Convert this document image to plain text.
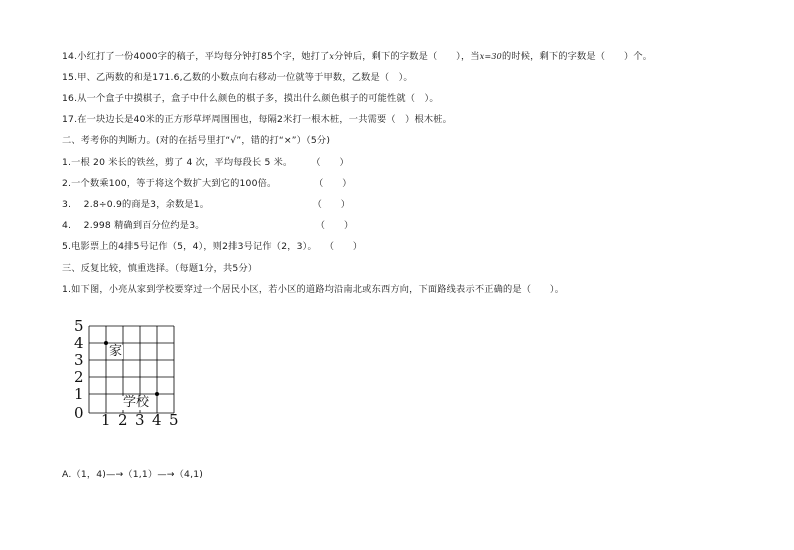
14.小红打了一份4000字的稿子，平均每分钟打85个字，她打了x分钟后，剩下的字数是（　　），当x=30的时候，剩下的字数是（　　）个。
15.甲、乙两数的和是171.6,乙数的小数点向右移动一位就等于甲数，乙数是（　）。
16.从一个盒子中摸棋子，盒子中什么颜色的棋子多，摸出什么颜色棋子的可能性就（　）。
17.在一块边长是40米的正方形草坪周围围也，每隔2米打一根木桩，一共需要（　）根木桩。
二、考考你的判断力。(对的在括号里打“√”，错的打“×”）（5分)
1.一根 20 米长的铁丝，剪了 4 次，平均每段长 5 米。　　　（　　）
2.一个数乘100，等于将这个数扩大到它的100倍。　　　　　（　　）
3.　 2.8÷0.9的商是3，余数是1。　　　　　　　　　　　　（　　）
4.　 2.998 精确到百分位约是3。　　　　　　　　　　　　 （　　）
5.电影票上的4排5号记作（5，4），则2排3号记作（2，3）。　 （　　）
三、反复比较，慎重选择。（每题1分，共5分）
1.如下图，小亮从家到学校要穿过一个居民小区，若小区的道路均沿南北或东西方向，下面路线表示不正确的是（　　）。
5
4
3
2
1
0 1 2 3 4 5
家
学校
A.（1，4)—→（1,1）—→（4,1)
